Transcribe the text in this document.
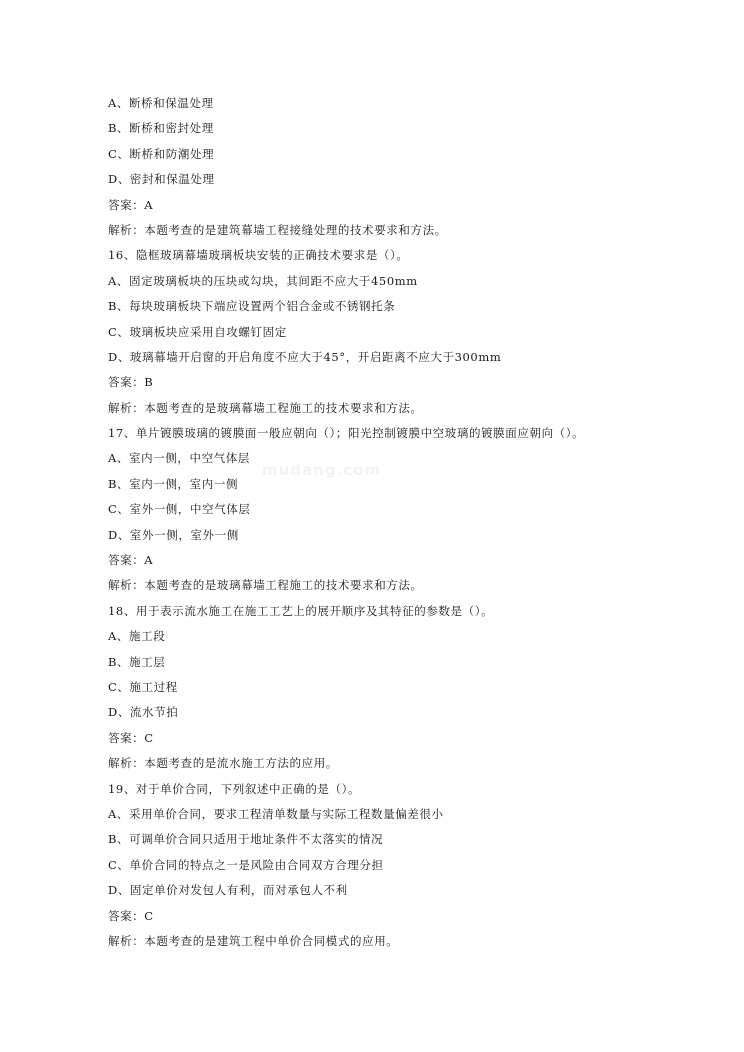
mudang.com
A、断桥和保温处理
B、断桥和密封处理
C、断桥和防潮处理
D、密封和保温处理
答案：A
解析：本题考查的是建筑幕墙工程接缝处理的技术要求和方法。
16、隐框玻璃幕墙玻璃板块安装的正确技术要求是（）。
A、固定玻璃板块的压块或勾块，其间距不应大于450mm
B、每块玻璃板块下端应设置两个铝合金或不锈钢托条
C、玻璃板块应采用自攻螺钉固定
D、玻璃幕墙开启窗的开启角度不应大于45°，开启距离不应大于300mm
答案：B
解析：本题考查的是玻璃幕墙工程施工的技术要求和方法。
17、单片镀膜玻璃的镀膜面一般应朝向（）；阳光控制镀膜中空玻璃的镀膜面应朝向（）。
A、室内一侧，中空气体层
B、室内一侧，室内一侧
C、室外一侧，中空气体层
D、室外一侧，室外一侧
答案：A
解析：本题考查的是玻璃幕墙工程施工的技术要求和方法。
18、用于表示流水施工在施工工艺上的展开顺序及其特征的参数是（）。
A、施工段
B、施工层
C、施工过程
D、流水节拍
答案：C
解析：本题考查的是流水施工方法的应用。
19、对于单价合同，下列叙述中正确的是（）。
A、采用单价合同，要求工程清单数量与实际工程数量偏差很小
B、可调单价合同只适用于地址条件不太落实的情况
C、单价合同的特点之一是风险由合同双方合理分担
D、固定单价对发包人有利，而对承包人不利
答案：C
解析：本题考查的是建筑工程中单价合同模式的应用。
